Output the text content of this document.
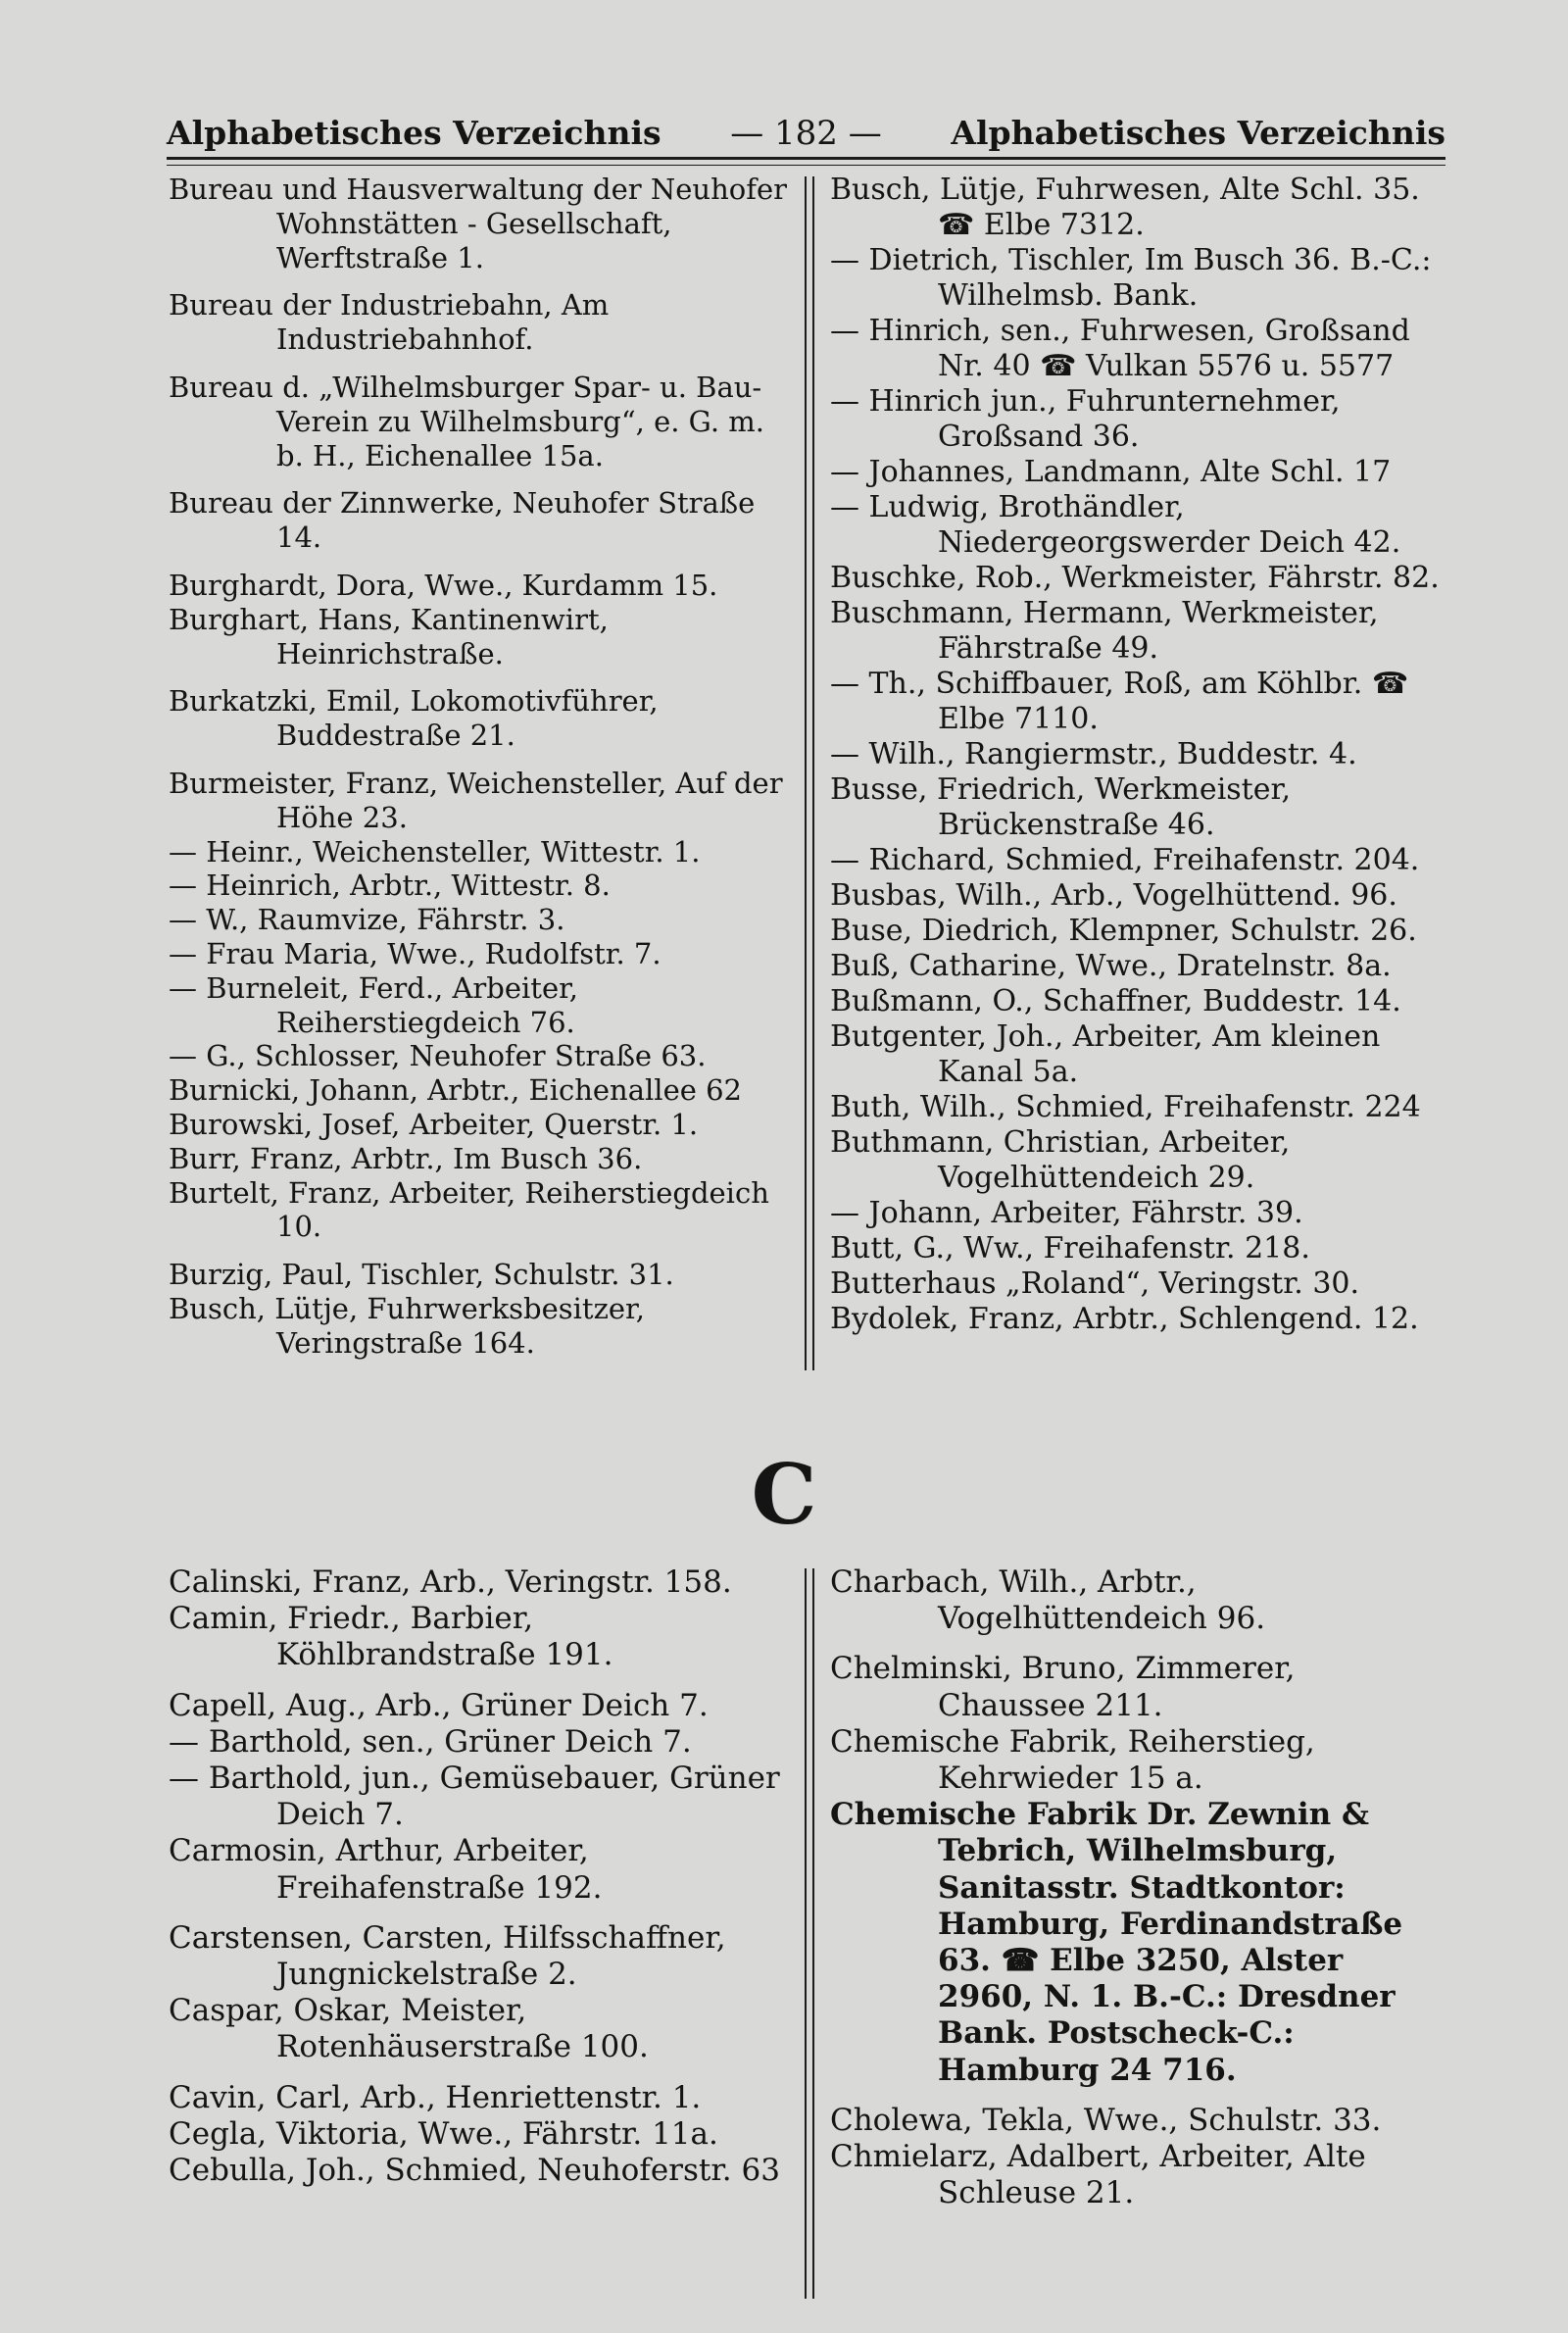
Alphabetisches Verzeichnis	— 182 —	Alphabetisches Verzeichnis
Bureau und Hausverwaltung der Neuhofer Wohnstätten - Gesellschaft, Werftstraße 1.
Bureau der Industriebahn, Am Industriebahnhof.
Bureau d. „Wilhelmsburger Spar- u. Bau-Verein zu Wilhelmsburg“, e. G. m. b. H., Eichenallee 15a.
Bureau der Zinnwerke, Neuhofer Straße 14.
Burghardt, Dora, Wwe., Kurdamm 15.
Burghart, Hans, Kantinenwirt, Heinrichstraße.
Burkatzki, Emil, Lokomotivführer, Buddestraße 21.
Burmeister, Franz, Weichensteller, Auf der Höhe 23.
— Heinr., Weichensteller, Wittestr. 1.
— Heinrich, Arbtr., Wittestr. 8.
— W., Raumvize, Fährstr. 3.
— Frau Maria, Wwe., Rudolfstr. 7.
— Burneleit, Ferd., Arbeiter, Reiherstiegdeich 76.
— G., Schlosser, Neuhofer Straße 63.
Burnicki, Johann, Arbtr., Eichenallee 62
Burowski, Josef, Arbeiter, Querstr. 1.
Burr, Franz, Arbtr., Im Busch 36.
Burtelt, Franz, Arbeiter, Reiherstiegdeich 10.
Burzig, Paul, Tischler, Schulstr. 31.
Busch, Lütje, Fuhrwerksbesitzer, Veringstraße 164.
Busch, Lütje, Fuhrwesen, Alte Schl. 35. ☎ Elbe 7312.
— Dietrich, Tischler, Im Busch 36. B.-C.: Wilhelmsb. Bank.
— Hinrich, sen., Fuhrwesen, Großsand Nr. 40 ☎ Vulkan 5576 u. 5577
— Hinrich jun., Fuhrunternehmer, Großsand 36.
— Johannes, Landmann, Alte Schl. 17
— Ludwig, Brothändler, Niedergeorgswerder Deich 42.
Buschke, Rob., Werkmeister, Fährstr. 82.
Buschmann, Hermann, Werkmeister, Fährstraße 49.
— Th., Schiffbauer, Roß, am Köhlbr. ☎ Elbe 7110.
— Wilh., Rangiermstr., Buddestr. 4.
Busse, Friedrich, Werkmeister, Brückenstraße 46.
— Richard, Schmied, Freihafenstr. 204.
Busbas, Wilh., Arb., Vogelhüttend. 96.
Buse, Diedrich, Klempner, Schulstr. 26.
Buß, Catharine, Wwe., Dratelnstr. 8a.
Bußmann, O., Schaffner, Buddestr. 14.
Butgenter, Joh., Arbeiter, Am kleinen Kanal 5a.
Buth, Wilh., Schmied, Freihafenstr. 224
Buthmann, Christian, Arbeiter, Vogelhüttendeich 29.
— Johann, Arbeiter, Fährstr. 39.
Butt, G., Ww., Freihafenstr. 218.
Butterhaus „Roland“, Veringstr. 30.
Bydolek, Franz, Arbtr., Schlengend. 12.
C
Calinski, Franz, Arb., Veringstr. 158.
Camin, Friedr., Barbier, Köhlbrandstraße 191.
Capell, Aug., Arb., Grüner Deich 7.
— Barthold, sen., Grüner Deich 7.
— Barthold, jun., Gemüsebauer, Grüner Deich 7.
Carmosin, Arthur, Arbeiter, Freihafenstraße 192.
Carstensen, Carsten, Hilfsschaffner, Jungnickelstraße 2.
Caspar, Oskar, Meister, Rotenhäuserstraße 100.
Cavin, Carl, Arb., Henriettenstr. 1.
Cegla, Viktoria, Wwe., Fährstr. 11a.
Cebulla, Joh., Schmied, Neuhoferstr. 63
Charbach, Wilh., Arbtr., Vogelhüttendeich 96.
Chelminski, Bruno, Zimmerer, Chaussee 211.
Chemische Fabrik, Reiherstieg, Kehrwieder 15 a.
Chemische Fabrik Dr. Zewnin & Tebrich, Wilhelmsburg, Sanitasstr. Stadtkontor: Hamburg, Ferdinandstraße 63. ☎ Elbe 3250, Alster 2960, N. 1. B.-C.: Dresdner Bank. Postscheck-C.: Hamburg 24 716.
Cholewa, Tekla, Wwe., Schulstr. 33.
Chmielarz, Adalbert, Arbeiter, Alte Schleuse 21.
